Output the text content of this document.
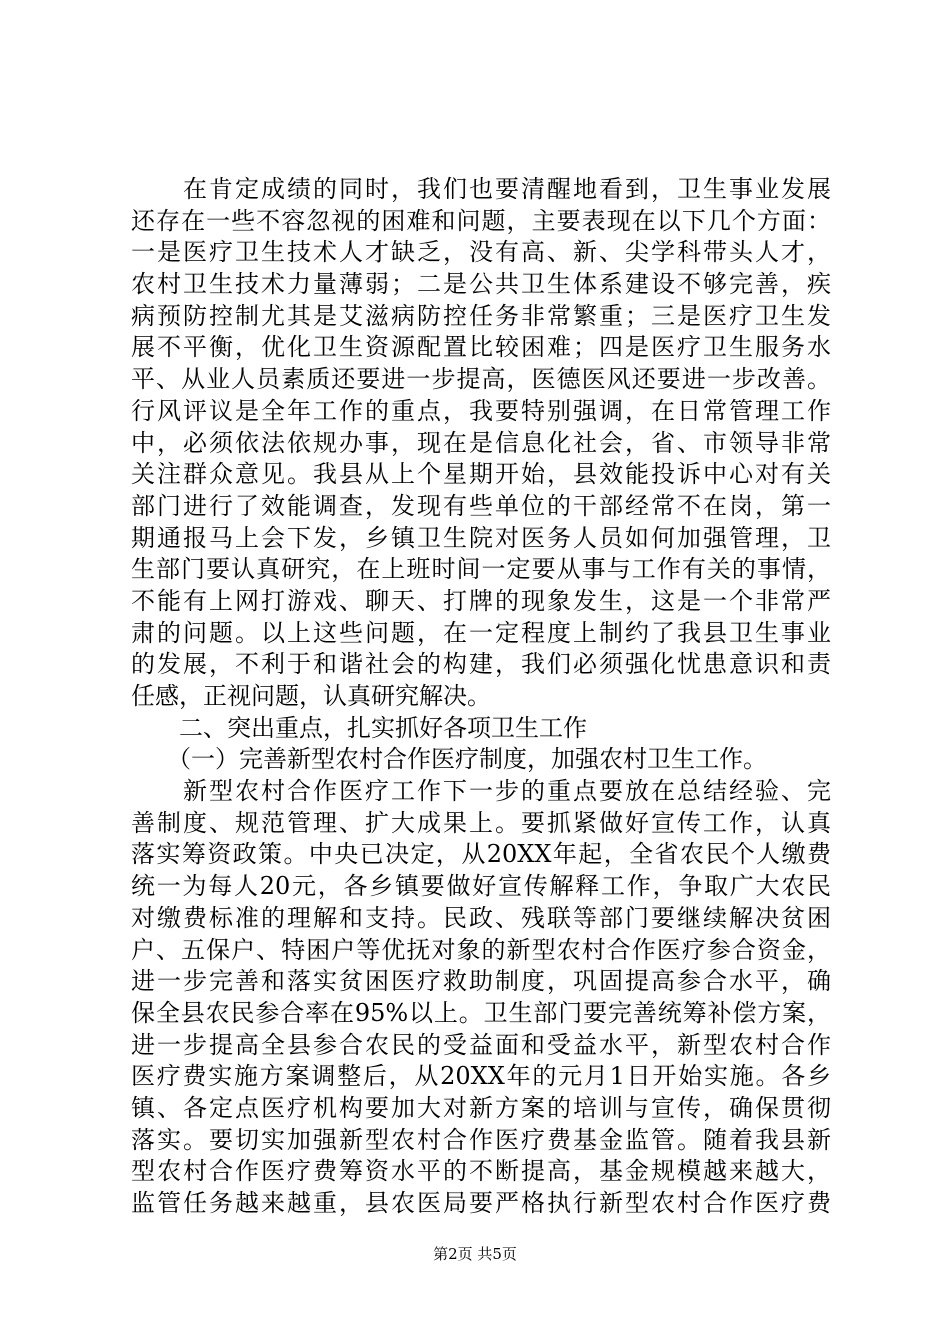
　　在肯定成绩的同时，我们也要清醒地看到，卫生事业发展
还存在一些不容忽视的困难和问题，主要表现在以下几个方面：
一是医疗卫生技术人才缺乏，没有高、新、尖学科带头人才，
农村卫生技术力量薄弱；二是公共卫生体系建设不够完善，疾
病预防控制尤其是艾滋病防控任务非常繁重；三是医疗卫生发
展不平衡，优化卫生资源配置比较困难；四是医疗卫生服务水
平、从业人员素质还要进一步提高，医德医风还要进一步改善。
行风评议是全年工作的重点，我要特别强调，在日常管理工作
中，必须依法依规办事，现在是信息化社会，省、市领导非常
关注群众意见。我县从上个星期开始，县效能投诉中心对有关
部门进行了效能调查，发现有些单位的干部经常不在岗，第一
期通报马上会下发，乡镇卫生院对医务人员如何加强管理，卫
生部门要认真研究，在上班时间一定要从事与工作有关的事情，
不能有上网打游戏、聊天、打牌的现象发生，这是一个非常严
肃的问题。以上这些问题，在一定程度上制约了我县卫生事业
的发展，不利于和谐社会的构建，我们必须强化忧患意识和责
任感，正视问题，认真研究解决。
　　二、突出重点，扎实抓好各项卫生工作
　　（一）完善新型农村合作医疗制度，加强农村卫生工作。
　　新型农村合作医疗工作下一步的重点要放在总结经验、完
善制度、规范管理、扩大成果上。要抓紧做好宣传工作，认真
落实筹资政策。中央已决定，从20XX年起，全省农民个人缴费
统一为每人20元，各乡镇要做好宣传解释工作，争取广大农民
对缴费标准的理解和支持。民政、残联等部门要继续解决贫困
户、五保户、特困户等优抚对象的新型农村合作医疗参合资金，
进一步完善和落实贫困医疗救助制度，巩固提高参合水平，确
保全县农民参合率在95%以上。卫生部门要完善统筹补偿方案，
进一步提高全县参合农民的受益面和受益水平，新型农村合作
医疗费实施方案调整后，从20XX年的元月1日开始实施。各乡
镇、各定点医疗机构要加大对新方案的培训与宣传，确保贯彻
落实。要切实加强新型农村合作医疗费基金监管。随着我县新
型农村合作医疗费筹资水平的不断提高，基金规模越来越大，
监管任务越来越重，县农医局要严格执行新型农村合作医疗费
第2页 共5页
